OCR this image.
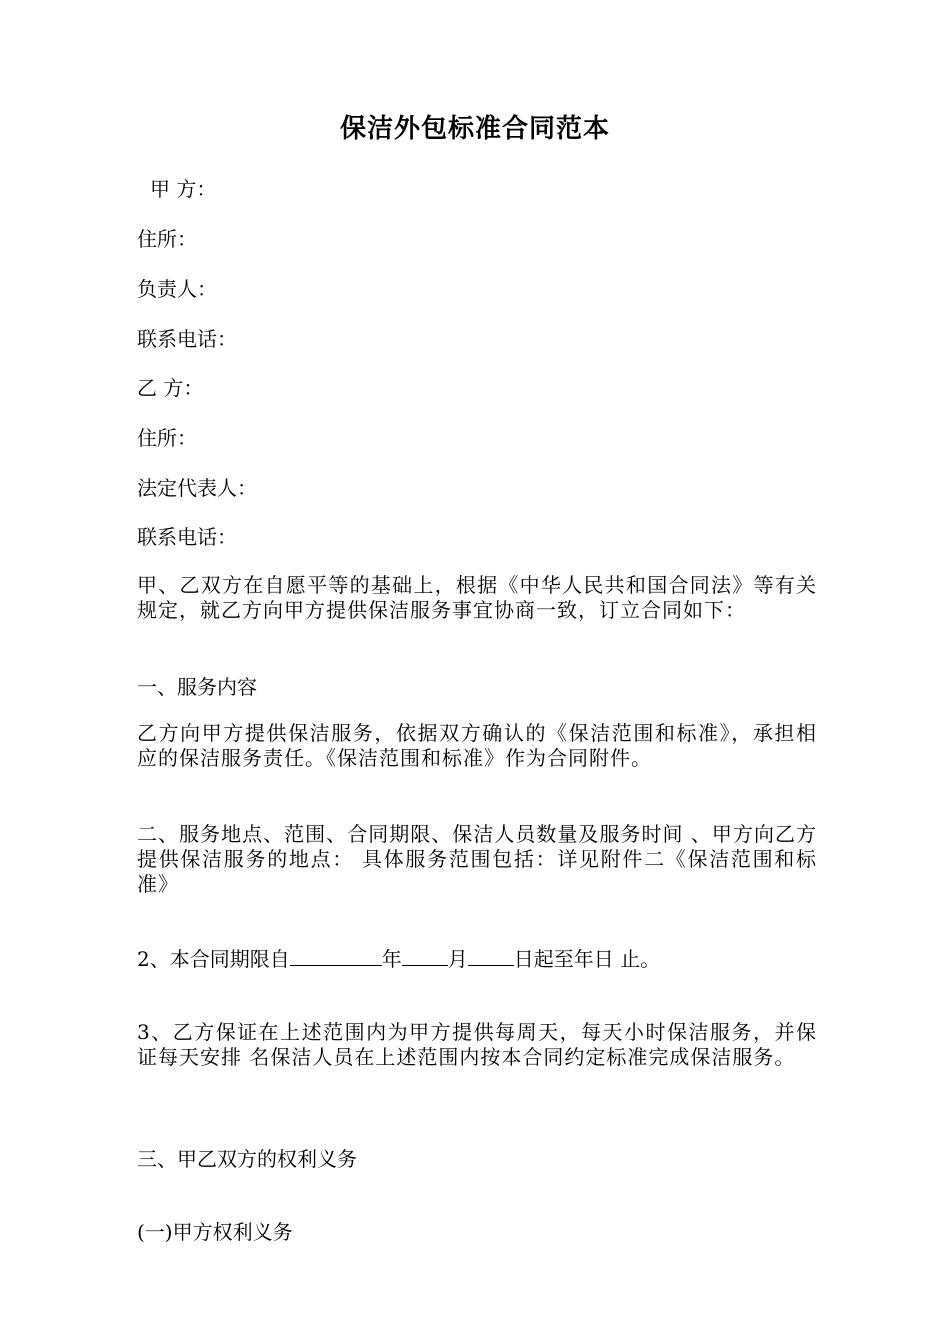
保洁外包标准合同范本
甲 方：
住所：
负责人：
联系电话：
乙 方：
住所：
法定代表人：
联系电话：
甲、乙双方在自愿平等的基础上，根据《中华人民共和国合同法》等有关规定，就乙方向甲方提供保洁服务事宜协商一致，订立合同如下：
一、服务内容
乙方向甲方提供保洁服务，依据双方确认的《保洁范围和标准》，承担相应的保洁服务责任。《保洁范围和标准》作为合同附件。
二、服务地点、范围、合同期限、保洁人员数量及服务时间 、甲方向乙方提供保洁服务的地点： 具体服务范围包括：详见附件二《保洁范围和标准》
2、本合同期限自	年 月 日起至年日 止。
3、乙方保证在上述范围内为甲方提供每周天，每天小时保洁服务，并保证每天安排 名保洁人员在上述范围内按本合同约定标准完成保洁服务。
三、甲乙双方的权利义务
(一)甲方权利义务
